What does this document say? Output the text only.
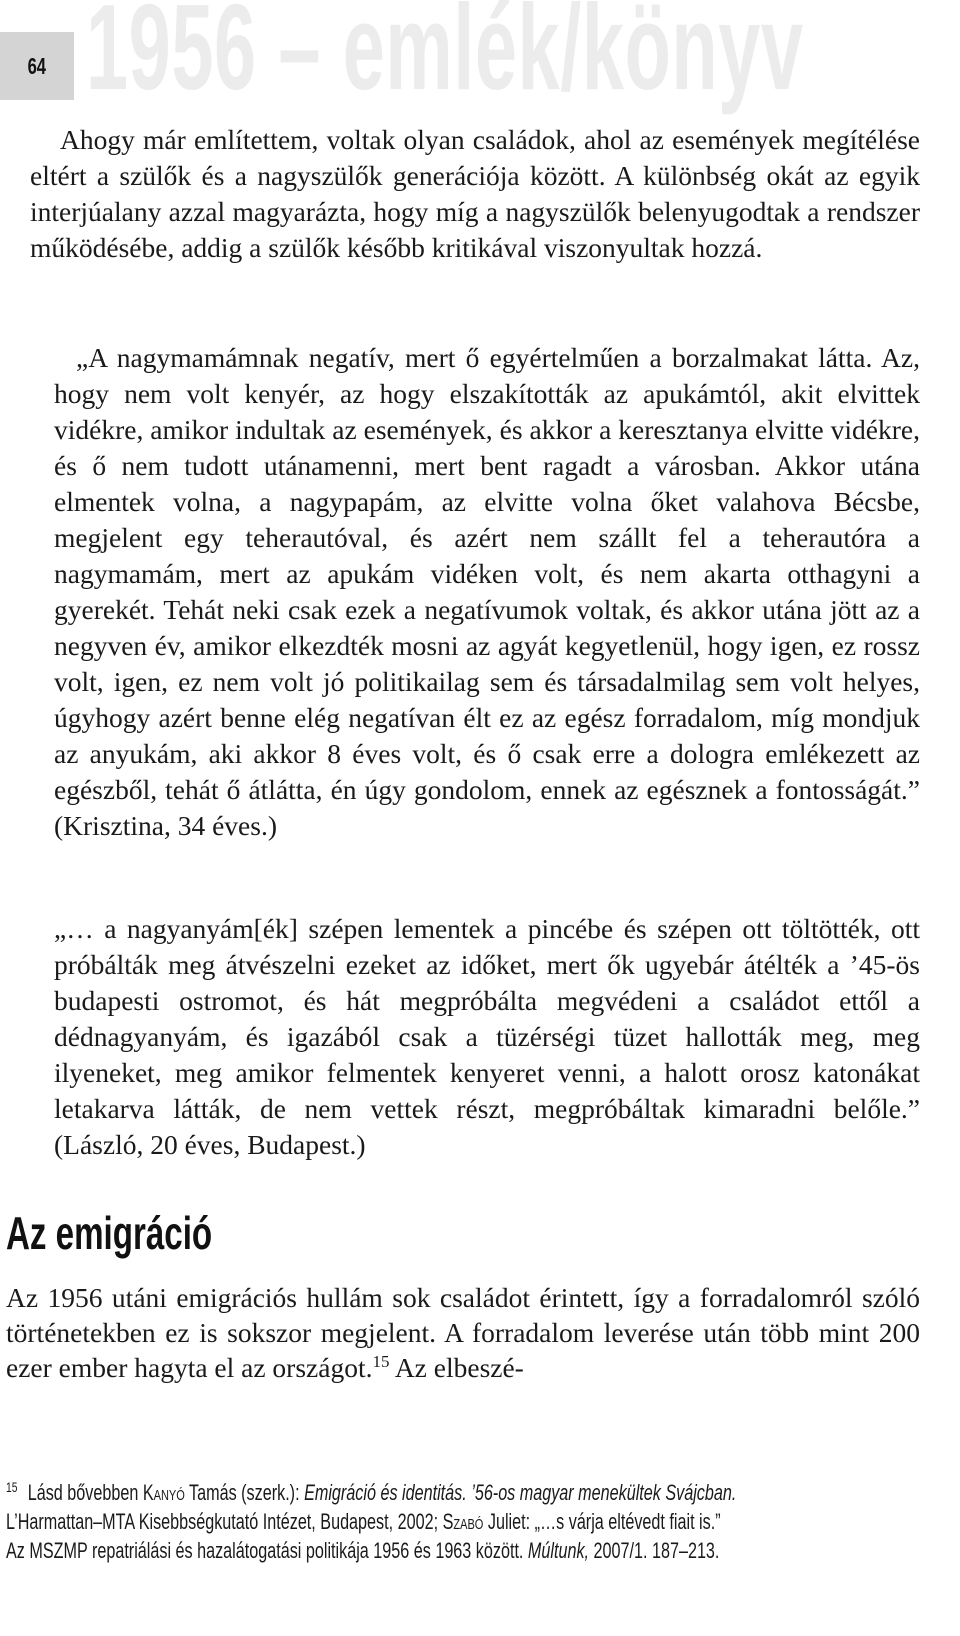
64 1956 – emlék/könyv

Ahogy már említettem, voltak olyan családok, ahol az események megítélése eltért a szülők és a nagyszülők generációja között. A különbség okát az egyik interjúalany azzal magyarázta, hogy míg a nagyszülők belenyugodtak a rendszer működésébe, addig a szülők később kritikával viszonyultak hozzá.

„A nagymamámnak negatív, mert ő egyértelműen a borzalmakat látta. Az, hogy nem volt kenyér, az hogy elszakították az apukámtól, akit elvittek vidékre, amikor indultak az események, és akkor a keresztanya elvitte vidékre, és ő nem tudott utánamenni, mert bent ragadt a városban. Akkor utána elmentek volna, a nagypapám, az elvitte volna őket valahova Bécsbe, megjelent egy teherautóval, és azért nem szállt fel a teherautóra a nagymamám, mert az apukám vidéken volt, és nem akarta otthagyni a gyerekét. Tehát neki csak ezek a negatívumok voltak, és akkor utána jött az a negyven év, amikor elkezdték mosni az agyát kegyetlenül, hogy igen, ez rossz volt, igen, ez nem volt jó politikailag sem és társadalmilag sem volt helyes, úgyhogy azért benne elég negatívan élt ez az egész forradalom, míg mondjuk az anyukám, aki akkor 8 éves volt, és ő csak erre a dologra emlékezett az egészből, tehát ő átlátta, én úgy gondolom, ennek az egésznek a fontosságát.” (Krisztina, 34 éves.)

„… a nagyanyám[ék] szépen lementek a pincébe és szépen ott töltötték, ott próbálták meg átvészelni ezeket az időket, mert ők ugyebár átélték a ’45-ös budapesti ostromot, és hát megpróbálta megvédeni a családot ettől a dédnagyanyám, és igazából csak a tüzérségi tüzet hallották meg, meg ilyeneket, meg amikor felmentek kenyeret venni, a halott orosz katonákat letakarva látták, de nem vettek részt, megpróbáltak kimaradni belőle.” (László, 20 éves, Budapest.)

Az emigráció

Az 1956 utáni emigrációs hullám sok családot érintett, így a forradalomról szóló történetekben ez is sokszor megjelent. A forradalom leverése után több mint 200 ezer ember hagyta el az országot.$^{15}$ Az elbeszé-

$^{15}$ Lásd bővebben Kanyó Tamás (szerk.): Emigráció és identitás. ’56-os magyar menekültek Svájcban.
L’Harmattan–MTA Kisebbségkutató Intézet, Budapest, 2002; Szabó Juliet: „…s várja eltévedt fiait is.”
Az MSZMP repatriálási és hazalátogatási politikája 1956 és 1963 között. Múltunk, 2007/1. 187–213.
